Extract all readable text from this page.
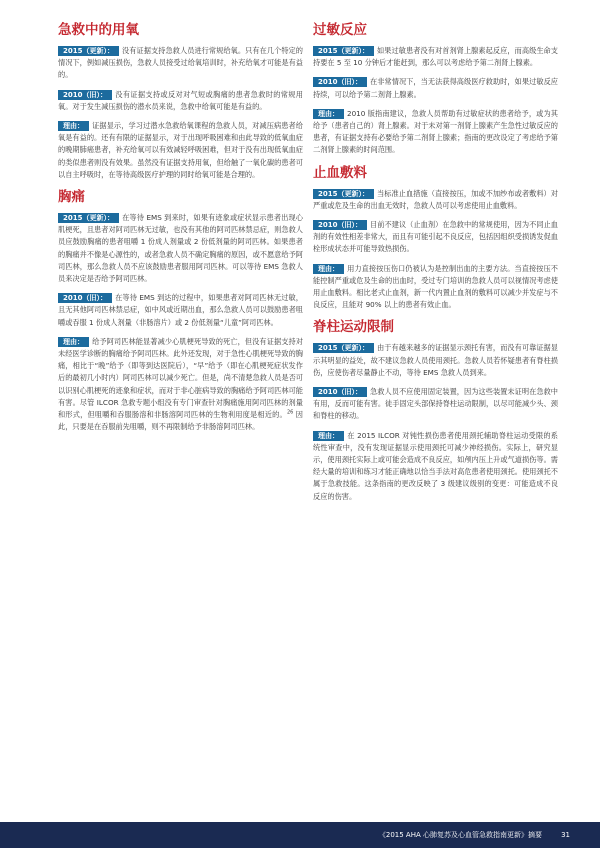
急救中的用氧

2015（更新）： 没有证据支持急救人员进行常规给氧。只有在几个特定的情况下，例如减压损伤，急救人员接受过给氧培训时，补充给氧才可能是有益的。

2010（旧）： 没有证据支持或反对对气短或胸痛的患者急救时的常规用氧。对于发生减压损伤的潜水员来说，急救中给氧可能是有益的。

理由： 证据显示，学习过潜水急救给氧课程的急救人员，对减压病患者给氧是有益的。还有有限的证据显示，对于出现呼吸困难和由此导致的低氧血症的晚期肺癌患者，补充给氧可以有效减轻呼吸困难，但对于没有出现低氧血症的类似患者则没有效果。虽然没有证据支持用氧，但给触了一氧化碳的患者可以自主呼吸时，在等待高级医疗护理的同时给氧可能是合理的。

胸痛

2015（更新）： 在等待 EMS 到来时，如果有迹象或症状显示患者出现心肌梗死，且患者对阿司匹林无过敏，也没有其他的阿司匹林禁忌症，则急救人员应鼓励胸痛的患者咀嚼 1 份成人剂量或 2 份低剂量的阿司匹林。如果患者的胸痛并不像是心源性的，或者急救人员不确定胸痛的原因，或不愿意给予阿司匹林，那么急救人员不应该鼓励患者服用阿司匹林。可以等待 EMS 急救人员来决定是否给予阿司匹林。

2010（旧）： 在等待 EMS 到达的过程中，如果患者对阿司匹林无过敏，且无其他阿司匹林禁忌症，如中风或近期出血，那么急救人员可以鼓励患者咀嚼或吞服 1 份成人剂量（非肠溶片）或 2 份低剂量“儿童”阿司匹林。

理由： 给予阿司匹林能显著减少心肌梗死导致的死亡，但没有证据支持对未经医学诊断的胸痛给予阿司匹林。此外还发现，对于急性心肌梗死导致的胸痛，相比于“晚”给予（即等到达医院后），“早”给予（即在心肌梗死症状发作后的最初几小时内）阿司匹林可以减少死亡。但是，尚不清楚急救人员是否可以识别心肌梗死的迹象和症状，而对于非心脏病导致的胸痛给予阿司匹林可能有害。尽管 ILCOR 急救专题小组没有专门审查针对胸痛施用阿司匹林的剂量和形式，但咀嚼和吞服肠溶和非肠溶阿司匹林的生物利用度是相近的。$^{26}$ 因此，只要是在吞服前先咀嚼，则不再限制给予非肠溶阿司匹林。

过敏反应

2015（更新）： 如果过敏患者没有对首剂肾上腺素起反应，而高级生命支持要在 5 至 10 分钟后才能赶到，那么可以考虑给予第二剂肾上腺素。

2010（旧）： 在非常情况下，当无法获得高级医疗救助时，如果过敏反应持续，可以给予第二剂肾上腺素。

理由： 2010 版指南建议，急救人员帮助有过敏症状的患者给予，或为其给予（患者自己的）肾上腺素。对于未对第一剂肾上腺素产生急性过敏反应的患者，有证据支持有必要给予第二剂肾上腺素；指南的更改设定了考虑给予第二剂肾上腺素的时间范围。

止血敷料

2015（更新）： 当标准止血措施（直接按压，加或不加纱布或者敷料）对严重或危及生命的出血无效时，急救人员可以考虑使用止血敷料。

2010（旧）： 目前不建议（止血剂）在急救中的常规使用，因为不同止血剂的有效性相差非常大，而且有可能引起不良反应，包括因组织受损诱发促血栓形成状态并可能导致热损伤。

理由： 用力直接按压伤口仍被认为是控制出血的主要方法。当直接按压不能控制严重或危及生命的出血时，受过专门培训的急救人员可以视情况考虑使用止血敷料。相比老式止血剂，新一代内置止血剂的敷料可以减少并发症与不良反应，且能对 90% 以上的患者有效止血。

脊柱运动限制

2015（更新）： 由于有越来越多的证据显示颈托有害，而没有可靠证据显示其明显的益处，故不建议急救人员使用颈托。急救人员若怀疑患者有脊柱损伤，应使伤者尽量静止不动，等待 EMS 急救人员到来。

2010（旧）： 急救人员不应使用固定装置，因为这些装置未证明在急救中有用，反而可能有害。徒手固定头部保持脊柱运动限制，以尽可能减少头、颈和脊柱的移动。

理由： 在 2015 ILCOR 对钝性损伤患者使用颈托辅助脊柱运动受限的系统性审查中，没有发现证据显示使用颈托可减少神经损伤。实际上，研究显示，使用颈托实际上或可能会造成不良反应，如颅内压上升或气道损伤等。需经大量的培训和练习才能正确地以恰当手法对高危患者使用颈托。使用颈托不属于急救技能。这条指南的更改反映了 3 级建议级别的变更：可能造成不良反应的伤害。

《2015 AHA 心肺复苏及心血管急救指南更新》摘要	31
